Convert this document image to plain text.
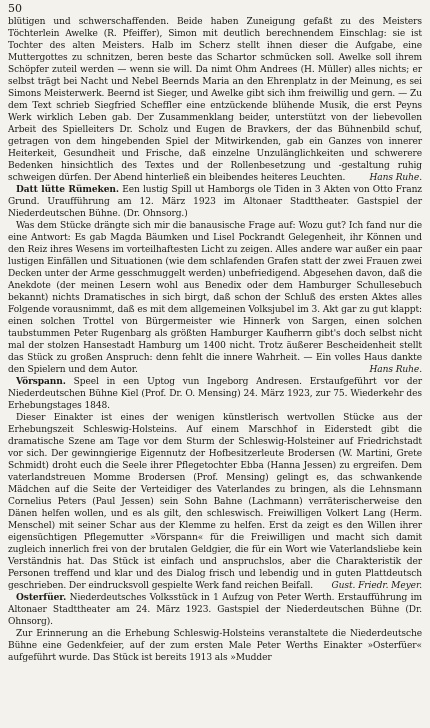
50

blütigen und schwerschaffenden. Beide haben Zuneigung gefaßt zu des Meisters Töchterlein Awelke (R. Pfeiffer), Simon mit deutlich berechnendem Einschlag: sie ist Tochter des alten Meisters. Halb im Scherz stellt ihnen dieser die Aufgabe, eine Muttergottes zu schnitzen, beren beste das Schartor schmücken soll. Awelke soll ihrem Schöpfer zuteil werden — wenn sie will. Da nimt Ohm Andrees (H. Müller) alles nichts; er selbst trägt bei Nacht und Nebel Beernds Maria an den Ehrenplatz in der Meinung, es sei Simons Meisterwerk. Beernd ist Sieger, und Awelke gibt sich ihm freiwillig und gern. — Zu dem Text schrieb Siegfried Scheffler eine entzückende blühende Musik, die erst Peyns Werk wirklich Leben gab. Der Zusammenklang beider, unterstützt von der liebevollen Arbeit des Spielleiters Dr. Scholz und Eugen de Bravkers, der das Bühnenbild schuf, getragen von dem hingebenden Spiel der Mitwirkenden, gab ein Ganzes von innerer Heiterkeit, Gesundheit und Frische, daß einzelne Unzulänglichkeiten und schwerere Bedenken hinsichtlich des Textes und der Rollenbesetzung und -gestaltung ruhig schweigen dürfen. Der Abend hinterließ ein bleibendes heiteres Leuchten.	Hans Ruhe.

Datt lütte Rümeken. Een lustig Spill ut Hamborgs ole Tiden in 3 Akten von Otto Franz Grund. Uraufführung am 12. März 1923 im Altonaer Stadttheater. Gastspiel der Niederdeutschen Bühne. (Dr. Ohnsorg.)

Was dem Stücke drängte sich mir die banausische Frage auf: Wozu gut? Ich fand nur die eine Antwort: Es gab Magda Bäumken und Lisel Pockrandt Gelegenheit, ihr Können und den Reiz ihres Wesens im vorteilhaftesten Licht zu zeigen. Alles andere war außer ein paar lustigen Einfällen und Situationen (wie dem schlafenden Grafen statt der zwei Frauen zwei Decken unter der Arme gesschmuggelt werden) unbefriedigend. Abgesehen davon, daß die Anekdote (der meinen Lesern wohl aus Benedix oder dem Hamburger Schullesebuch bekannt) nichts Dramatisches in sich birgt, daß schon der Schluß des ersten Aktes alles Folgende vorausnimmt, daß es mit dem allgemeinen Volksjubel im 3. Akt gar zu gut klappt: einen solchen Trottel von Bürgermeister wie Hinnerk von Sargen, einen solchen taubstummen Peter Rugenbarg als größten Hamburger Kaufherrn gibt's doch selbst nicht mal der stolzen Hansestadt Hamburg um 1400 nicht. Trotz äußerer Bescheidenheit stellt das Stück zu großen Anspruch: denn fehlt die innere Wahrheit. — Ein volles Haus dankte den Spielern und dem Autor.	Hans Ruhe.

Vörspann. Speel in een Uptog vun Ingeborg Andresen. Erstaufgeführt vor der Niederdeutschen Bühne Kiel (Prof. Dr. O. Mensing) 24. März 1923, zur 75. Wiederkehr des Erhebungstages 1848.

Dieser Einakter ist eines der wenigen künstlerisch wertvollen Stücke aus der Erhebungszeit Schleswig-Holsteins. Auf einem Marschhof in Eiderstedt gibt die dramatische Szene am Tage vor dem Sturm der Schleswig-Holsteiner auf Friedrichstadt vor sich. Der gewinngierige Eigennutz der Hofbesitzerleute Brodersen (W. Martini, Grete Schmidt) droht euch die Seele ihrer Pflegetochter Ebba (Hanna Jessen) zu ergreifen. Dem vaterlandstreuen Momme Brodersen (Prof. Mensing) gelingt es, das schwankende Mädchen auf die Seite der Verteidiger des Vaterlandes zu bringen, als die Lehnsmann Cornelius Peters (Paul Jessen) sein Sohn Bahne (Lachmann) verräterischerweise den Dänen helfen wollen, und es als gilt, den schleswisch. Freiwilligen Volkert Lang (Herm. Menschel) mit seiner Schar aus der Klemme zu helfen. Erst da zeigt es den Willen ihrer eigensüchtigen Pflegemutter »Vörspann« für die Freiwilligen und macht sich damit zugleich innerlich frei von der brutalen Geldgier, die für ein Wort wie Vaterlandsliebe kein Verständnis hat. Das Stück ist einfach und anspruchslos, aber die Charakteristik der Personen treffend und klar und des Dialog frisch und lebendig und in guten Plattdeutsch geschrieben. Der eindrucksvoll gespielte Werk fand reichen Beifall.	Gust. Friedr. Meyer.

Osterfüer. Niederdeutsches Volksstück in 1 Aufzug von Peter Werth. Erstaufführung im Altonaer Stadttheater am 24. März 1923. Gastspiel der Niederdeutschen Bühne (Dr. Ohnsorg).

Zur Erinnerung an die Erhebung Schleswig-Holsteins veranstaltete die Niederdeutsche Bühne eine Gedenkfeier, auf der zum ersten Male Peter Werths Einakter »Osterfüer« aufgeführt wurde. Das Stück ist bereits 1913 als »Mudder
